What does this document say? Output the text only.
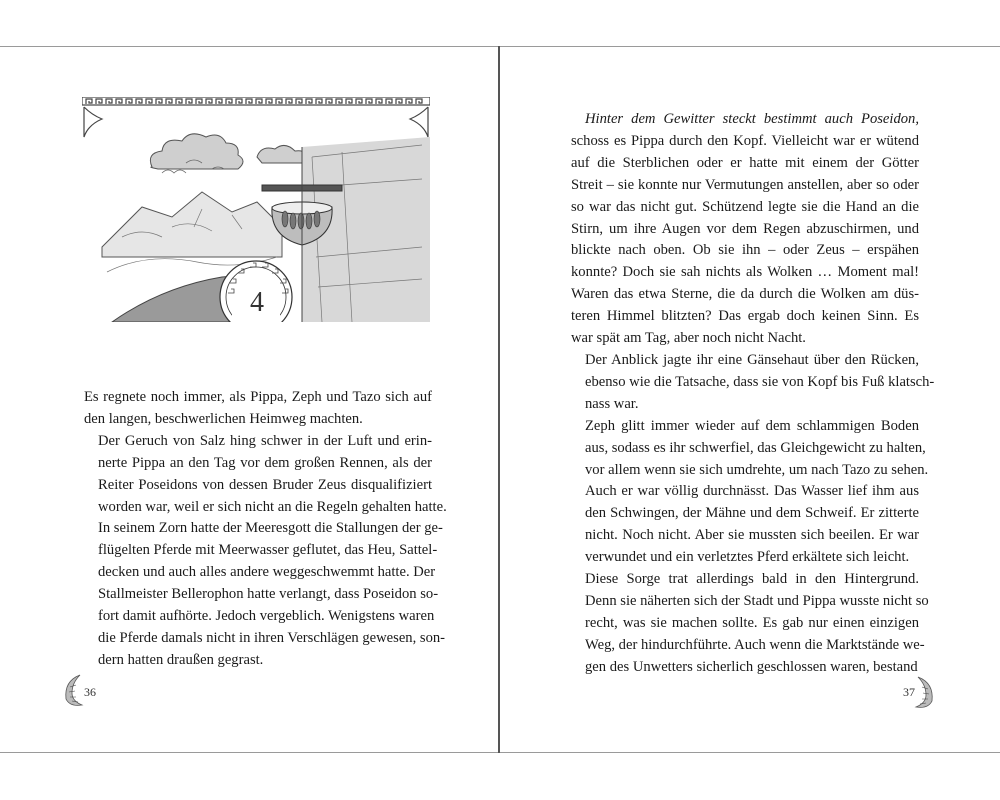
4

Es regnete noch immer, als Pippa, Zeph und Tazo sich auf
den langen, beschwerlichen Heimweg machten.

Der Geruch von Salz hing schwer in der Luft und erin-
nerte Pippa an den Tag vor dem großen Rennen, als der
Reiter Poseidons von dessen Bruder Zeus disqualifiziert
worden war, weil er sich nicht an die Regeln gehalten hatte.
In seinem Zorn hatte der Meeresgott die Stallungen der ge-
flügelten Pferde mit Meerwasser geflutet, das Heu, Sattel-
decken und auch alles andere weggeschwemmt hatte. Der
Stallmeister Bellerophon hatte verlangt, dass Poseidon so-
fort damit aufhörte. Jedoch vergeblich. Wenigstens waren
die Pferde damals nicht in ihren Verschlägen gewesen, son-
dern hatten draußen gegrast.

36

Hinter dem Gewitter steckt bestimmt auch Poseidon,

schoss es Pippa durch den Kopf. Vielleicht war er wütend
auf die Sterblichen oder er hatte mit einem der Götter
Streit – sie konnte nur Vermutungen anstellen, aber so oder
so war das nicht gut. Schützend legte sie die Hand an die
Stirn, um ihre Augen vor dem Regen abzuschirmen, und
blickte nach oben. Ob sie ihn – oder Zeus – erspähen
konnte? Doch sie sah nichts als Wolken … Moment mal!
Waren das etwa Sterne, die da durch die Wolken am düs-
teren Himmel blitzten? Das ergab doch keinen Sinn. Es
war spät am Tag, aber noch nicht Nacht.

Der Anblick jagte ihr eine Gänsehaut über den Rücken,
ebenso wie die Tatsache, dass sie von Kopf bis Fuß klatsch-
nass war.

Zeph glitt immer wieder auf dem schlammigen Boden
aus, sodass es ihr schwerfiel, das Gleichgewicht zu halten,
vor allem wenn sie sich umdrehte, um nach Tazo zu sehen.

Auch er war völlig durchnässt. Das Wasser lief ihm aus
den Schwingen, der Mähne und dem Schweif. Er zitterte
nicht. Noch nicht. Aber sie mussten sich beeilen. Er war
verwundet und ein verletztes Pferd erkältete sich leicht.

Diese Sorge trat allerdings bald in den Hintergrund.
Denn sie näherten sich der Stadt und Pippa wusste nicht so
recht, was sie machen sollte. Es gab nur einen einzigen
Weg, der hindurchführte. Auch wenn die Marktstände we-
gen des Unwetters sicherlich geschlossen waren, bestand

37
